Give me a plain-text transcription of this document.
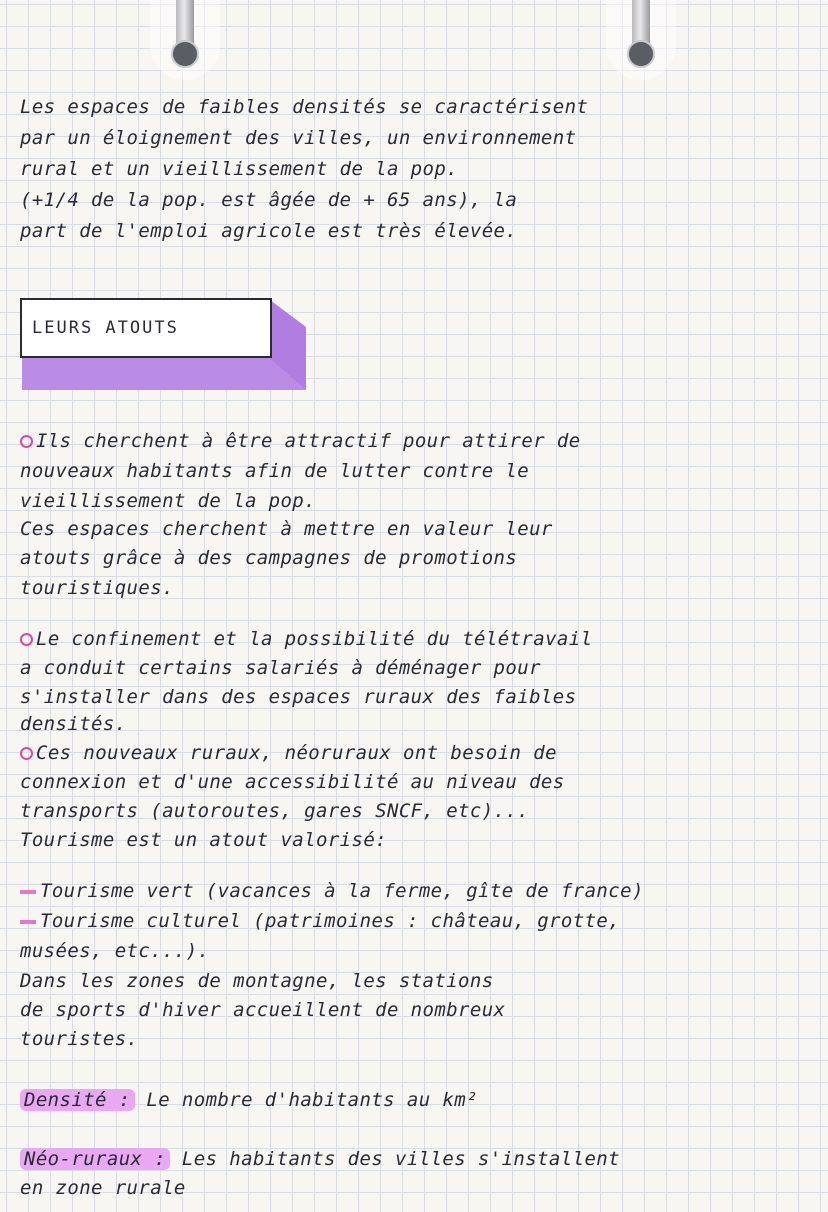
Les espaces de faibles densités se caractérisent
par un éloignement des villes, un environnement
rural et un vieillissement de la pop.
(+1/4 de la pop. est âgée de + 65 ans), la
part de l'emploi agricole est très élevée.
LEURS ATOUTS
Ils cherchent à être attractif pour attirer de
nouveaux habitants afin de lutter contre le
vieillissement de la pop.
Ces espaces cherchent à mettre en valeur leur
atouts grâce à des campagnes de promotions
touristiques.
Le confinement et la possibilité du télétravail
a conduit certains salariés à déménager pour
s'installer dans des espaces ruraux des faibles
densités.
Ces nouveaux ruraux, néoruraux ont besoin de
connexion et d'une accessibilité au niveau des
transports (autoroutes, gares SNCF, etc)...
Tourisme est un atout valorisé:
Tourisme vert (vacances à la ferme, gîte de france)
Tourisme culturel (patrimoines : château, grotte,
musées, etc...).
Dans les zones de montagne, les stations
de sports d'hiver accueillent de nombreux
touristes.
Densité : Le nombre d'habitants au km²
Néo-ruraux : Les habitants des villes s'installent
en zone rurale
